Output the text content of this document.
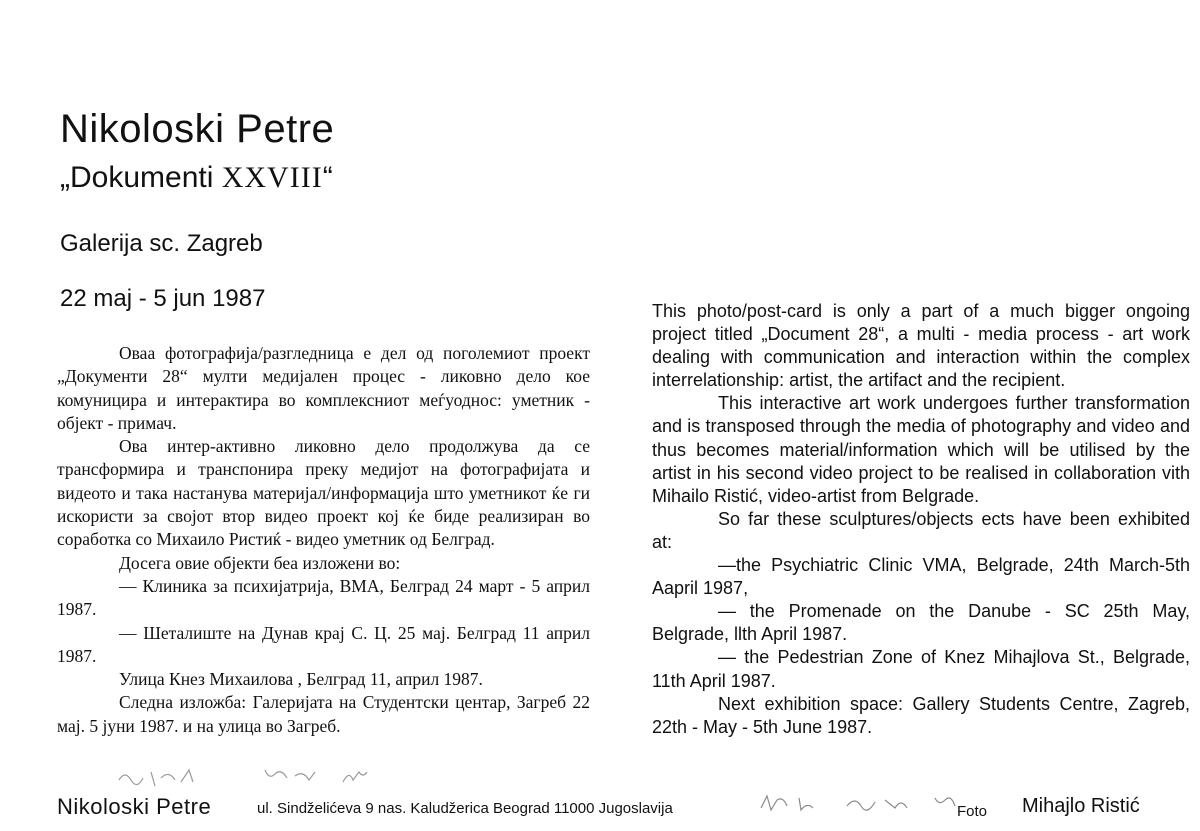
Nikoloski Petre
„Dokumenti XXVIII“
Galerija sc. Zagreb
22 maj - 5 jun 1987

Оваа фотографија/разгледница е дел од поголемиот проект „Документи 28“ мулти медијален процес - ликовно дело кое комуницира и интерактира во комплексниот меѓуоднос: уметник - објект - примач.

Ова интер-активно ликовно дело продолжува да се трансформира и транспонира преку медијот на фотографијата и видеото и така настанува материјал/информација што уметникот ќе ги искористи за својот втор видео проект кој ќе биде реализиран во соработка со Михаило Ристиќ - видео уметник од Белград.

Досега овие објекти беа изложени во:

— Клиника за психијатрија, ВМА, Белград 24 март - 5 април 1987.

— Шеталиште на Дунав крај С. Ц. 25 мај. Белград 11 април 1987.

Улица Кнез Михаилова , Белград 11, април 1987.

Следна изложба: Галеријата на Студентски центар, Загреб 22 мај. 5 јуни 1987. и на улица во Загреб.

This photo/post-card is only a part of a much bigger ongoing project titled „Document 28“, a multi - media process - art work dealing with communication and interaction within the complex interrelationship: artist, the artifact and the recipient.

This interactive art work undergoes further transformation and is transposed through the media of photography and video and thus becomes material/information which will be utilised by the artist in his second video project to be realised in collaboration vith Mihailo Ristić, video-artist from Belgrade.

So far these sculptures/objects ects have been exhibited at:

—the Psychiatric Clinic VMA, Belgrade, 24th March-5th Aapril 1987,

— the Promenade on the Danube - SC 25th May, Belgrade, llth April 1987.

— the Pedestrian Zone of Knez Mihajlova St., Belgrade, 11th April 1987.

Next exhibition space: Gallery Students Centre, Zagreb, 22th - May - 5th June 1987.

Nikoloski Petre	ul. Sindželićeva 9 nas. Kaludžerica Beograd 11000 Jugoslavija	Foto Mihajlo Ristić
